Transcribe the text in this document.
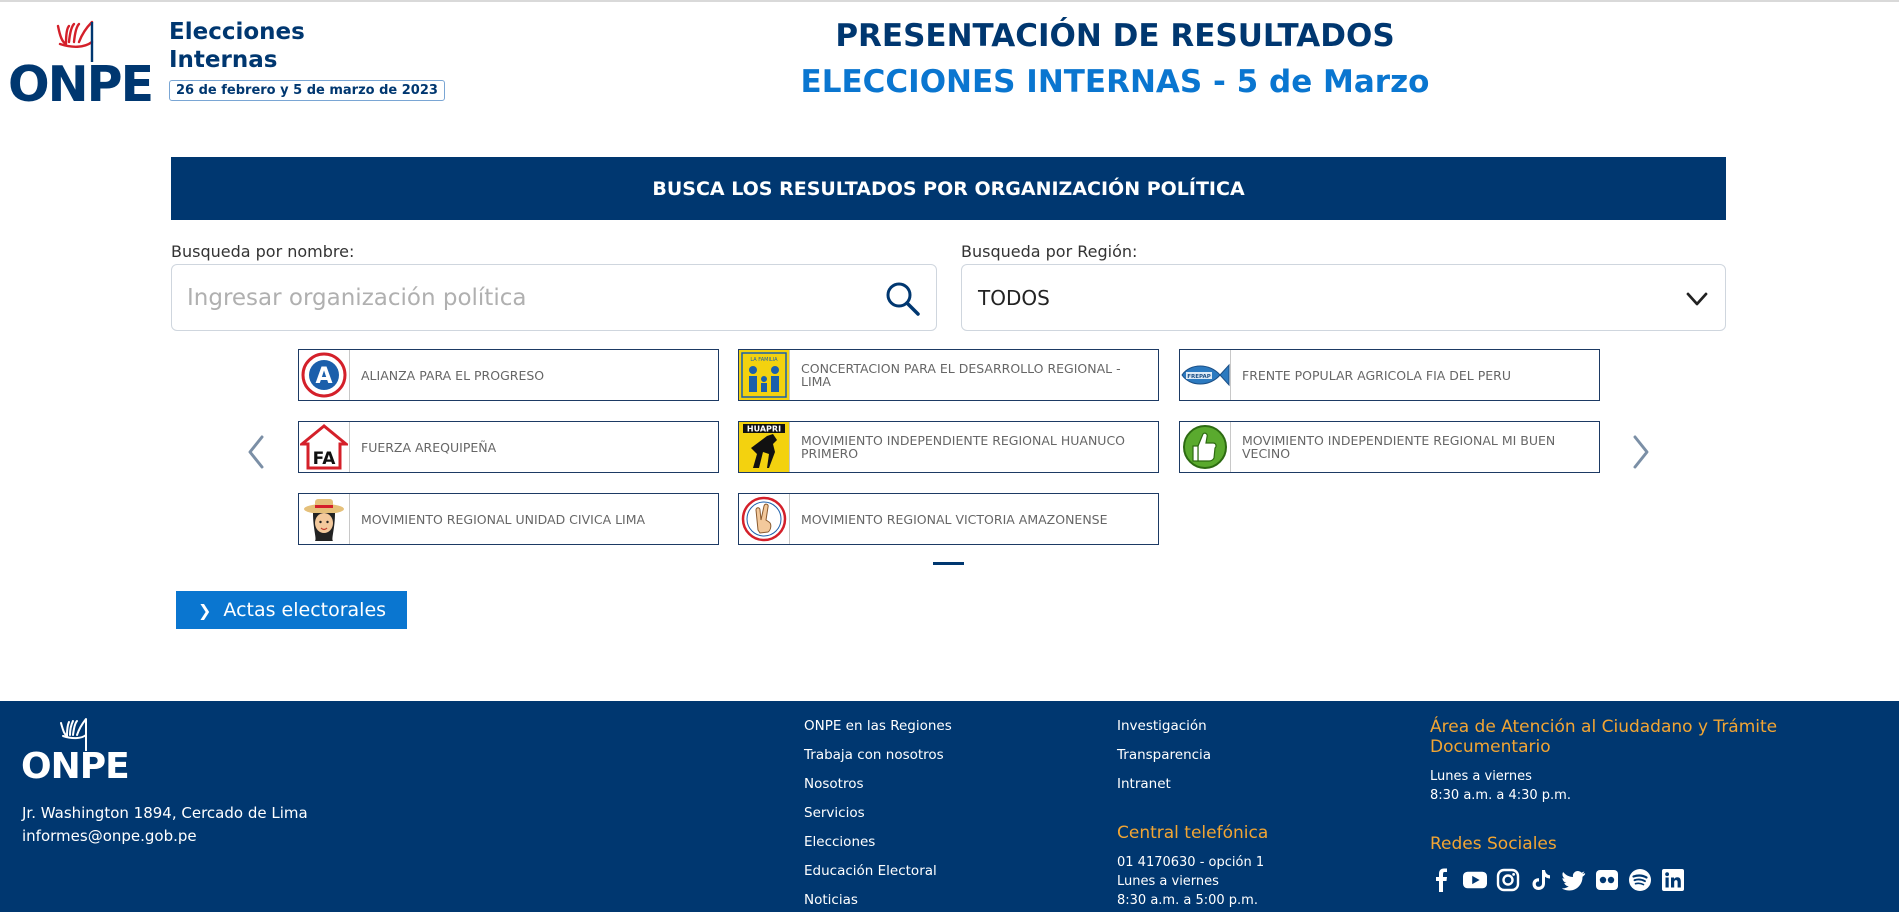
ONPE
Elecciones
Internas
26 de febrero y 5 de marzo de 2023
PRESENTACIÓN DE RESULTADOS
ELECCIONES INTERNAS - 5 de Marzo
BUSCA LOS RESULTADOS POR ORGANIZACIÓN POLÍTICA
Busqueda por nombre:	Busqueda por Región:
Ingresar organización política
TODOS
A	ALIANZA PARA EL PROGRESO
LA FAMILIA
CONCERTACION PARA EL DESARROLLO REGIONAL - LIMA	FREPAP	FRENTE POPULAR AGRICOLA FIA DEL PERU
FA
FUERZA AREQUIPEÑA
HUAPRI
MOVIMIENTO INDEPENDIENTE REGIONAL HUANUCO PRIMERO
MOVIMIENTO INDEPENDIENTE REGIONAL MI BUEN VECINO
MOVIMIENTO REGIONAL UNIDAD CIVICA LIMA	MOVIMIENTO REGIONAL VICTORIA AMAZONENSE
❯ Actas electorales
ONPE
Jr. Washington 1894, Cercado de Lima
informes@onpe.gob.pe
ONPE en las Regiones
Trabaja con nosotros
Nosotros
Servicios
Elecciones
Educación Electoral
Noticias
Investigación
Transparencia
Intranet
Central telefónica
01 4170630 - opción 1
Lunes a viernes
8:30 a.m. a 5:00 p.m.
Área de Atención al Ciudadano y Trámite Documentario
Lunes a viernes
8:30 a.m. a 4:30 p.m.
Redes Sociales
